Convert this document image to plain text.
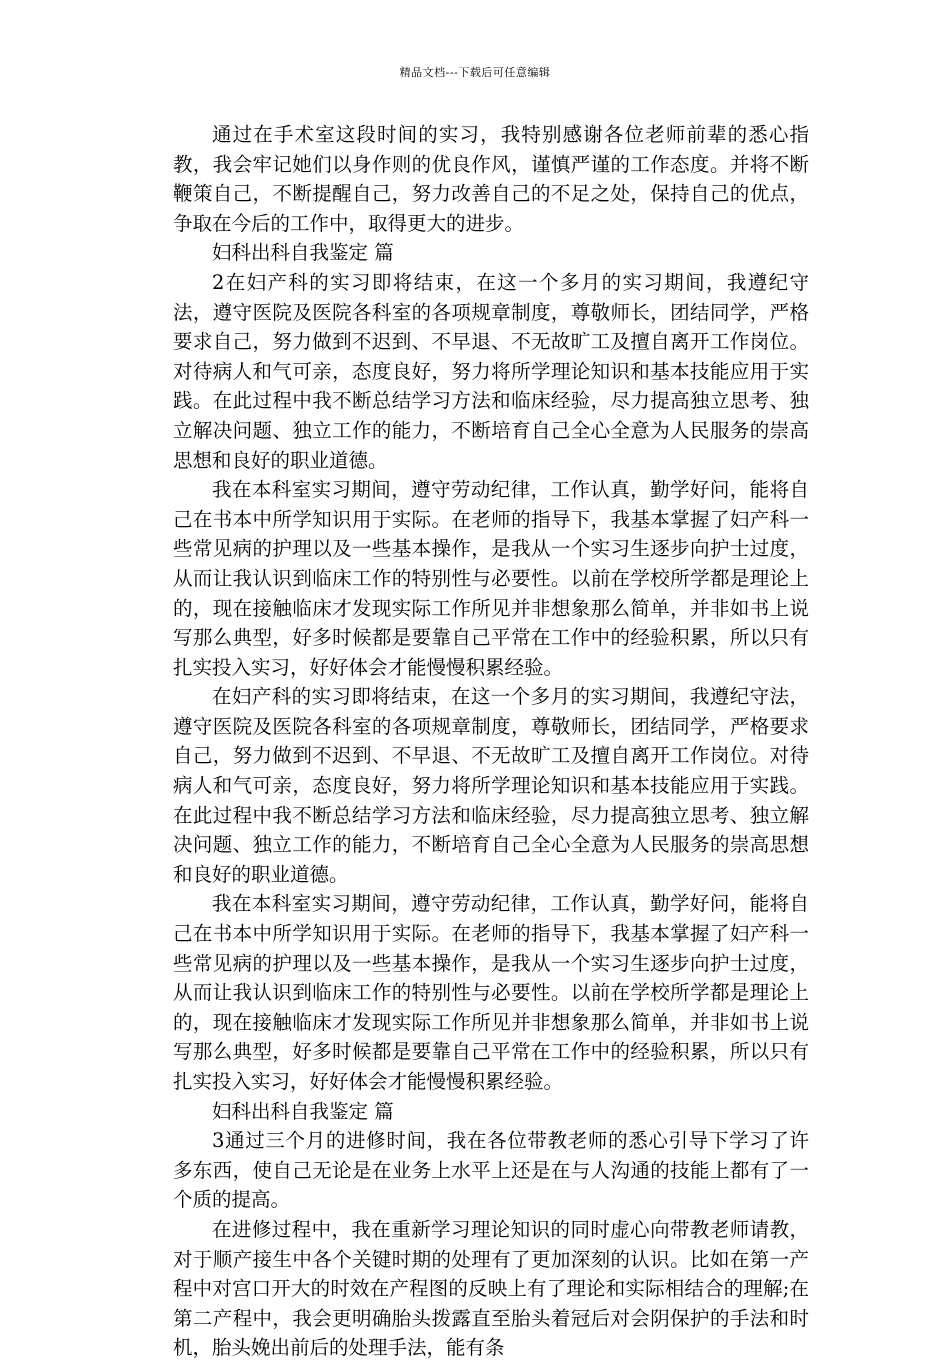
精品文档---下载后可任意编辑

通过在手术室这段时间的实习，我特别感谢各位老师前辈的悉心指教，我会牢记她们以身作则的优良作风，谨慎严谨的工作态度。并将不断鞭策自己，不断提醒自己，努力改善自己的不足之处，保持自己的优点，争取在今后的工作中，取得更大的进步。

妇科出科自我鉴定 篇

2在妇产科的实习即将结束，在这一个多月的实习期间，我遵纪守法，遵守医院及医院各科室的各项规章制度，尊敬师长，团结同学，严格要求自己，努力做到不迟到、不早退、不无故旷工及擅自离开工作岗位。对待病人和气可亲，态度良好，努力将所学理论知识和基本技能应用于实践。在此过程中我不断总结学习方法和临床经验，尽力提高独立思考、独立解决问题、独立工作的能力，不断培育自己全心全意为人民服务的崇高思想和良好的职业道德。

我在本科室实习期间，遵守劳动纪律，工作认真，勤学好问，能将自己在书本中所学知识用于实际。在老师的指导下，我基本掌握了妇产科一些常见病的护理以及一些基本操作，是我从一个实习生逐步向护士过度，从而让我认识到临床工作的特别性与必要性。以前在学校所学都是理论上的，现在接触临床才发现实际工作所见并非想象那么简单，并非如书上说写那么典型，好多时候都是要靠自己平常在工作中的经验积累，所以只有扎实投入实习，好好体会才能慢慢积累经验。

在妇产科的实习即将结束，在这一个多月的实习期间，我遵纪守法，遵守医院及医院各科室的各项规章制度，尊敬师长，团结同学，严格要求自己，努力做到不迟到、不早退、不无故旷工及擅自离开工作岗位。对待病人和气可亲，态度良好，努力将所学理论知识和基本技能应用于实践。在此过程中我不断总结学习方法和临床经验，尽力提高独立思考、独立解决问题、独立工作的能力，不断培育自己全心全意为人民服务的崇高思想和良好的职业道德。

我在本科室实习期间，遵守劳动纪律，工作认真，勤学好问，能将自己在书本中所学知识用于实际。在老师的指导下，我基本掌握了妇产科一些常见病的护理以及一些基本操作，是我从一个实习生逐步向护士过度，从而让我认识到临床工作的特别性与必要性。以前在学校所学都是理论上的，现在接触临床才发现实际工作所见并非想象那么简单，并非如书上说写那么典型，好多时候都是要靠自己平常在工作中的经验积累，所以只有扎实投入实习，好好体会才能慢慢积累经验。

妇科出科自我鉴定 篇

3通过三个月的进修时间，我在各位带教老师的悉心引导下学习了许多东西，使自己无论是在业务上水平上还是在与人沟通的技能上都有了一个质的提高。

在进修过程中，我在重新学习理论知识的同时虚心向带教老师请教，对于顺产接生中各个关键时期的处理有了更加深刻的认识。比如在第一产程中对宫口开大的时效在产程图的反映上有了理论和实际相结合的理解;在第二产程中，我会更明确胎头拨露直至胎头着冠后对会阴保护的手法和时机，胎头娩出前后的处理手法，能有条
